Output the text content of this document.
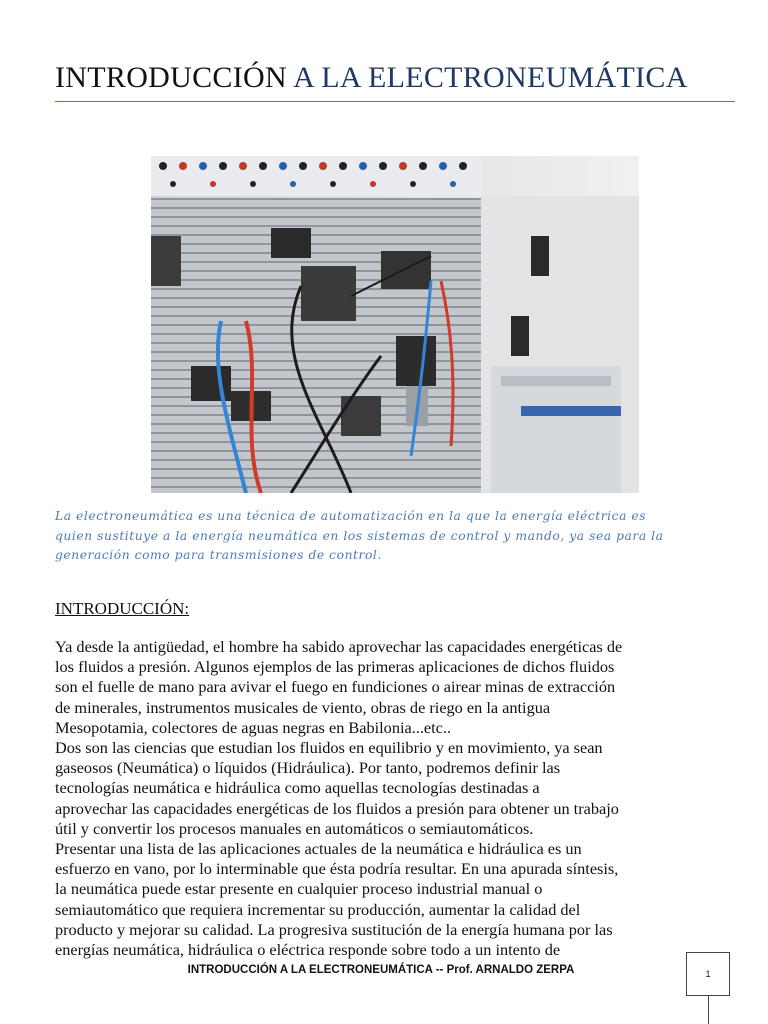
INTRODUCCIÓN A LA ELECTRONEUMÁTICA

La electroneumática es una técnica de automatización en la que la energía eléctrica es
quien sustituye a la energía neumática en los sistemas de control y mando, ya sea para la
generación como para transmisiones de control.

INTRODUCCIÓN:

Ya desde la antigüedad, el hombre ha sabido aprovechar las capacidades energéticas de
los fluidos a presión. Algunos ejemplos de las primeras aplicaciones de dichos fluidos
son el fuelle de mano para avivar el fuego en fundiciones o airear minas de extracción
de minerales, instrumentos musicales de viento, obras de riego en la antigua
Mesopotamia, colectores de aguas negras en Babilonia...etc..
Dos son las ciencias que estudian los fluidos en equilibrio y en movimiento, ya sean
gaseosos (Neumática) o líquidos (Hidráulica). Por tanto, podremos definir las
tecnologías neumática e hidráulica como aquellas tecnologías destinadas a
aprovechar las capacidades energéticas de los fluidos a presión para obtener un trabajo
útil y convertir los procesos manuales en automáticos o semiautomáticos.
Presentar una lista de las aplicaciones actuales de la neumática e hidráulica es un
esfuerzo en vano, por lo interminable que ésta podría resultar. En una apurada síntesis,
la neumática puede estar presente en cualquier proceso industrial manual o
semiautomático que requiera incrementar su producción, aumentar la calidad del
producto y mejorar su calidad. La progresiva sustitución de la energía humana por las
energías neumática, hidráulica o eléctrica responde sobre todo a un intento de

INTRODUCCIÓN A LA ELECTRONEUMÁTICA -- Prof. ARNALDO ZERPA	1
